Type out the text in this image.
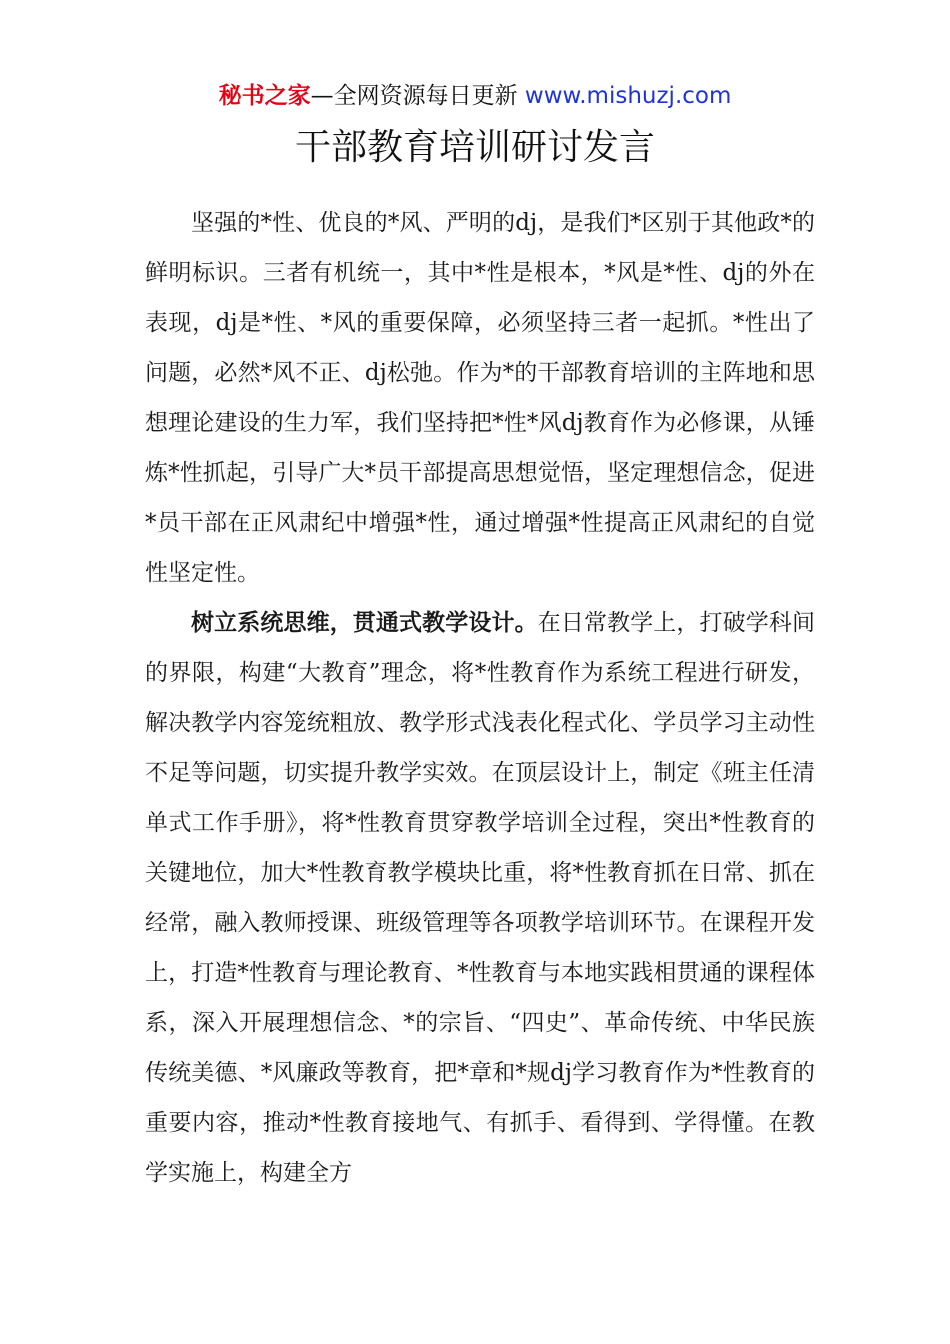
秘书之家—全网资源每日更新 www.mishuzj.com
干部教育培训研讨发言

坚强的*性、优良的*风、严明的dj，是我们*区别于其他政*的鲜明标识。三者有机统一，其中*性是根本，*风是*性、dj的外在表现，dj是*性、*风的重要保障，必须坚持三者一起抓。*性出了问题，必然*风不正、dj松弛。作为*的干部教育培训的主阵地和思想理论建设的生力军，我们坚持把*性*风dj教育作为必修课，从锤炼*性抓起，引导广大*员干部提高思想觉悟，坚定理想信念，促进*员干部在正风肃纪中增强*性，通过增强*性提高正风肃纪的自觉性坚定性。

树立系统思维，贯通式教学设计。在日常教学上，打破学科间的界限，构建“大教育”理念，将*性教育作为系统工程进行研发，解决教学内容笼统粗放、教学形式浅表化程式化、学员学习主动性不足等问题，切实提升教学实效。在顶层设计上，制定《班主任清单式工作手册》，将*性教育贯穿教学培训全过程，突出*性教育的关键地位，加大*性教育教学模块比重，将*性教育抓在日常、抓在经常，融入教师授课、班级管理等各项教学培训环节。在课程开发上，打造*性教育与理论教育、*性教育与本地实践相贯通的课程体系，深入开展理想信念、*的宗旨、“四史”、革命传统、中华民族传统美德、*风廉政等教育，把*章和*规dj学习教育作为*性教育的重要内容，推动*性教育接地气、有抓手、看得到、学得懂。在教学实施上，构建全方
